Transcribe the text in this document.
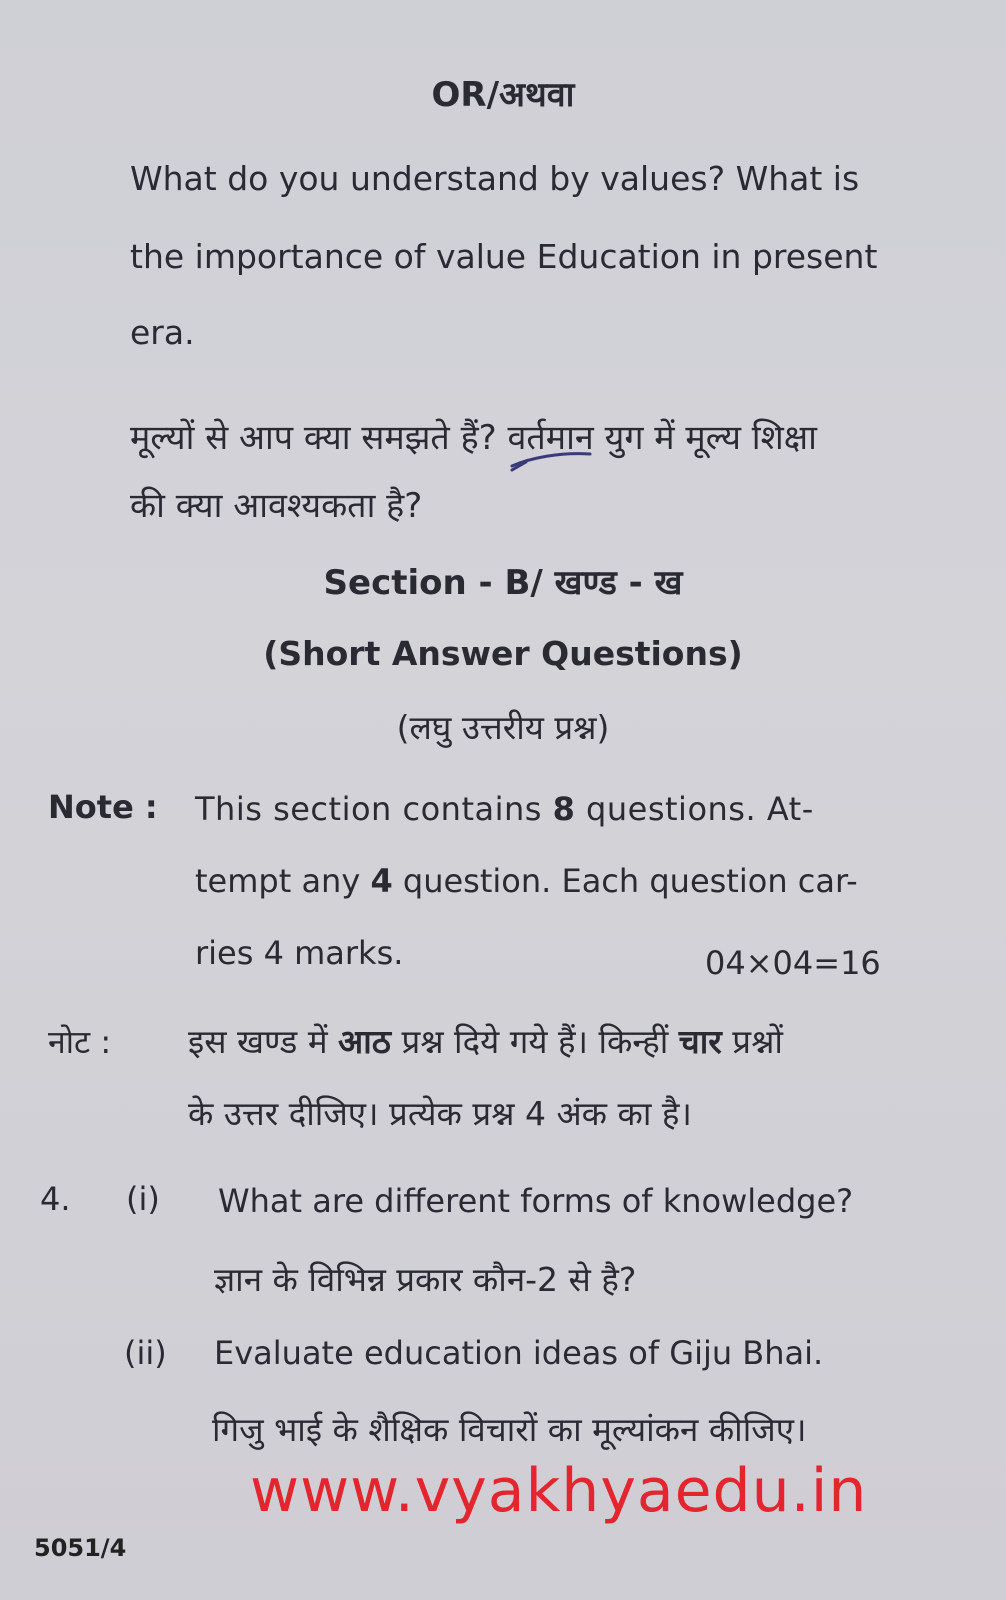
OR/अथवा
What do you understand by values? What is
the importance of value Education in present
era.
मूल्यों से आप क्या समझते हैं? वर्तमान युग में मूल्य शिक्षा
की क्या आवश्यकता है?
Section - B/ खण्ड - ख
(Short Answer Questions)
(लघु उत्तरीय प्रश्न)
Note : This section contains 8 questions. At-
tempt any 4 question. Each question car-
ries 4 marks.	04×04=16
नोट : इस खण्ड में आठ प्रश्न दिये गये हैं। किन्हीं चार प्रश्नों
के उत्तर दीजिए। प्रत्येक प्रश्न 4 अंक का है।
4. (i) What are different forms of knowledge?
ज्ञान के विभिन्न प्रकार कौन-2 से है?
(ii) Evaluate education ideas of Giju Bhai.
गिजु भाई के शैक्षिक विचारों का मूल्यांकन कीजिए।
www.vyakhyaedu.in
5051/4
